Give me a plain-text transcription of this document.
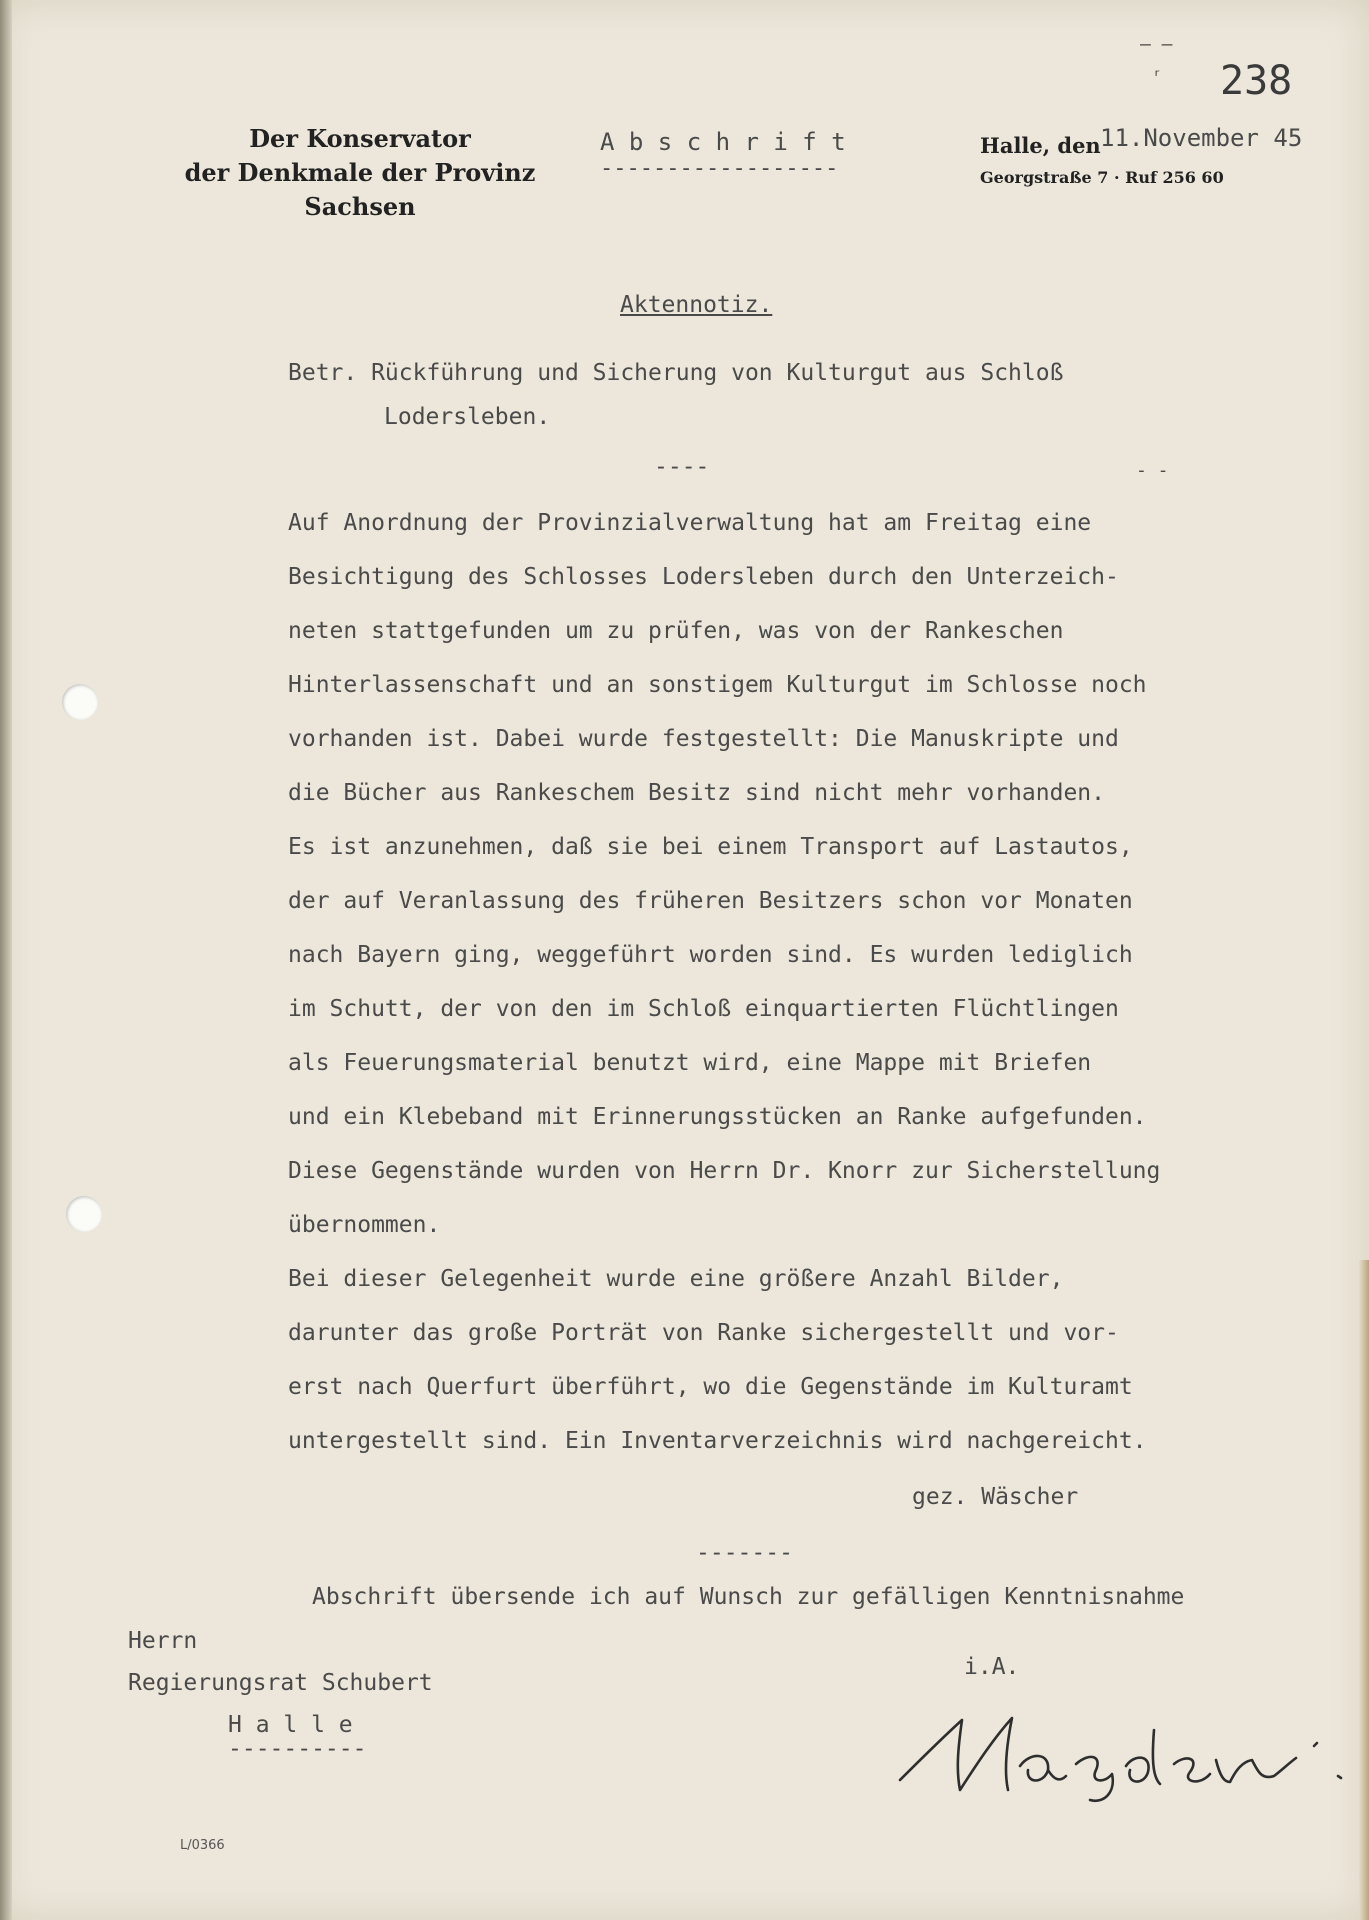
Der Konservator
der Denkmale der Provinz Sachsen
A b s c h r i f t
------------------
Halle, den
Georgstraße 7 · Ruf 256 60
11.November 45
— —
ʳ 238
Aktennotiz.
Betr. Rückführung und Sicherung von Kulturgut aus Schloß
Lodersleben.
----	- -
Auf Anordnung der Provinzialverwaltung hat am Freitag eine
Besichtigung des Schlosses Lodersleben durch den Unterzeich-
neten stattgefunden um zu prüfen, was von der Rankeschen
Hinterlassenschaft und an sonstigem Kulturgut im Schlosse noch
vorhanden ist. Dabei wurde festgestellt: Die Manuskripte und
die Bücher aus Rankeschem Besitz sind nicht mehr vorhanden.
Es ist anzunehmen, daß sie bei einem Transport auf Lastautos,
der auf Veranlassung des früheren Besitzers schon vor Monaten
nach Bayern ging, weggeführt worden sind. Es wurden lediglich
im Schutt, der von den im Schloß einquartierten Flüchtlingen
als Feuerungsmaterial benutzt wird, eine Mappe mit Briefen
und ein Klebeband mit Erinnerungsstücken an Ranke aufgefunden.
Diese Gegenstände wurden von Herrn Dr. Knorr zur Sicherstellung
übernommen.
Bei dieser Gelegenheit wurde eine größere Anzahl Bilder,
darunter das große Porträt von Ranke sichergestellt und vor-
erst nach Querfurt überführt, wo die Gegenstände im Kulturamt
untergestellt sind. Ein Inventarverzeichnis wird nachgereicht.
gez. Wäscher
-------
Abschrift übersende ich auf Wunsch zur gefälligen Kenntnisnahme
Herrn
Regierungsrat Schubert
H a l l e
----------
i.A.
L/0366
